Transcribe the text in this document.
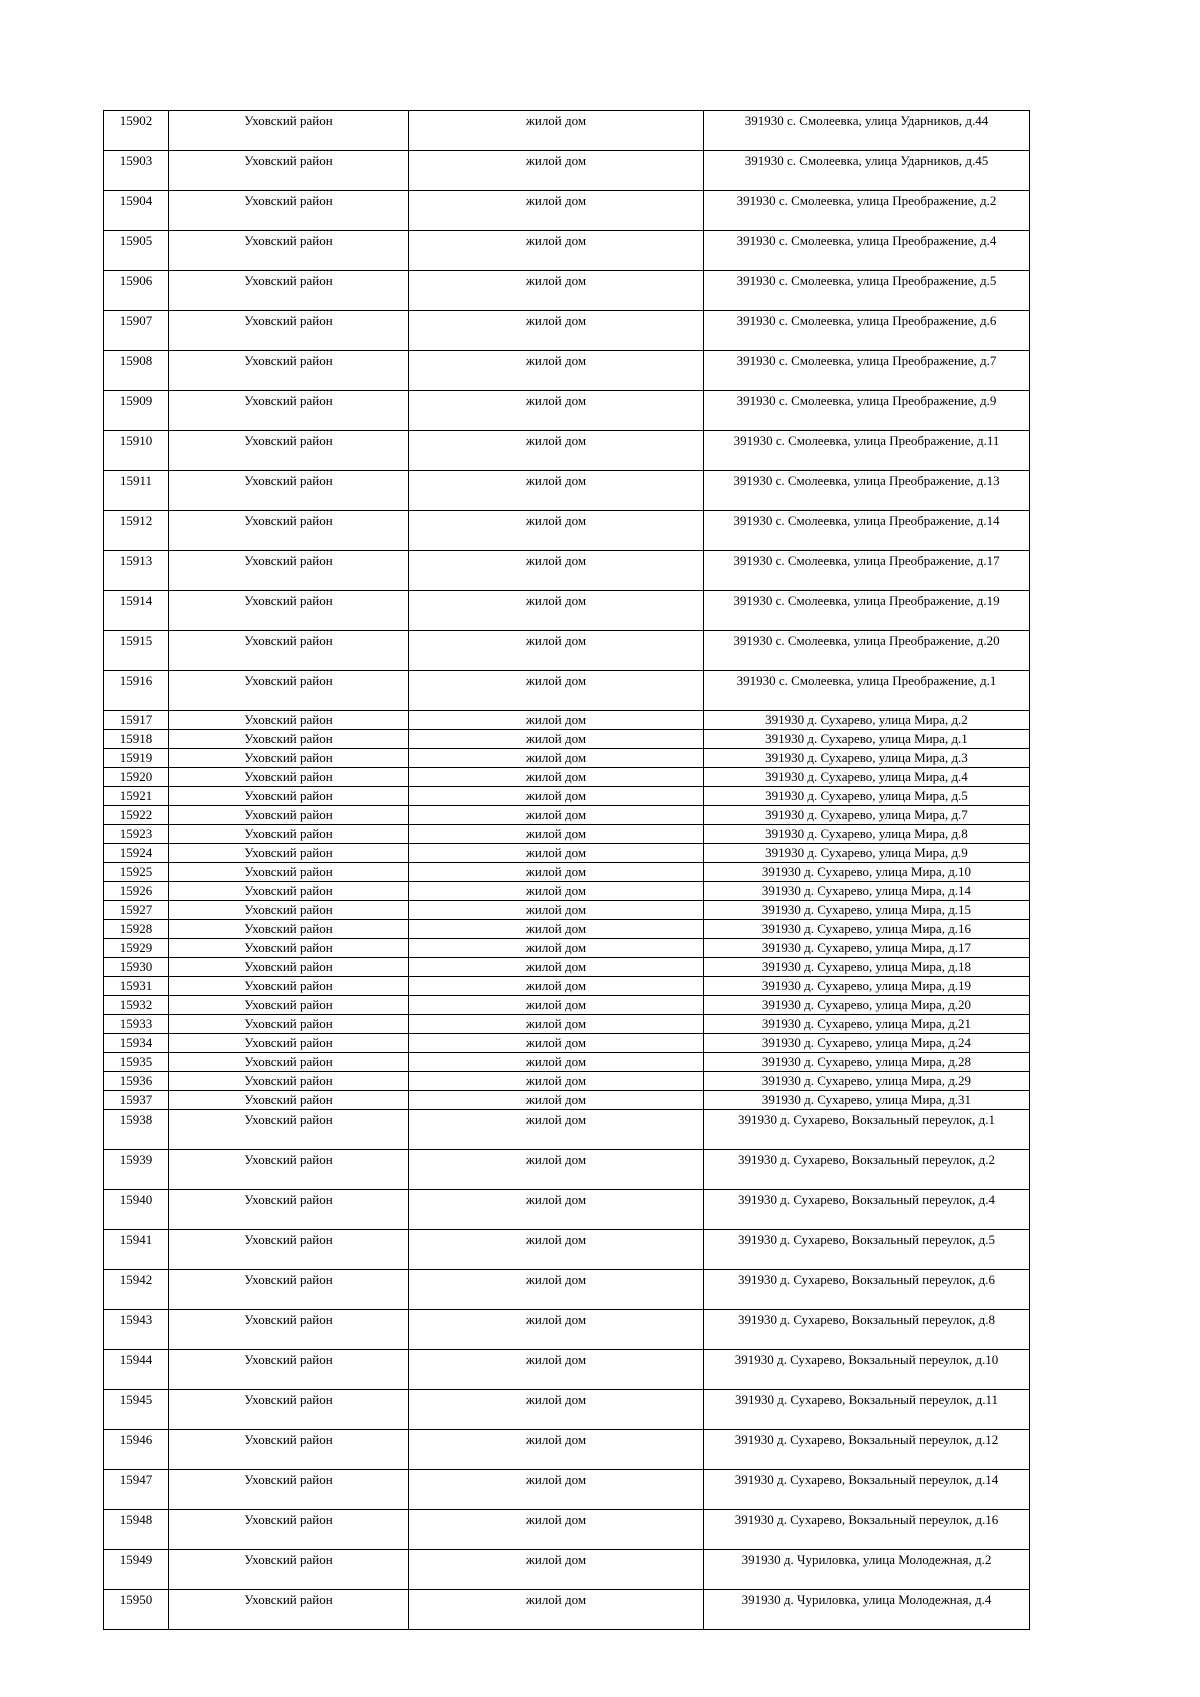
15902	Уховский район	жилой дом	391930 с. Смолеевка, улица Ударников, д.44
15903	Уховский район	жилой дом	391930 с. Смолеевка, улица Ударников, д.45
15904	Уховский район	жилой дом	391930 с. Смолеевка, улица Преображение, д.2
15905	Уховский район	жилой дом	391930 с. Смолеевка, улица Преображение, д.4
15906	Уховский район	жилой дом	391930 с. Смолеевка, улица Преображение, д.5
15907	Уховский район	жилой дом	391930 с. Смолеевка, улица Преображение, д.6
15908	Уховский район	жилой дом	391930 с. Смолеевка, улица Преображение, д.7
15909	Уховский район	жилой дом	391930 с. Смолеевка, улица Преображение, д.9
15910	Уховский район	жилой дом	391930 с. Смолеевка, улица Преображение, д.11
15911	Уховский район	жилой дом	391930 с. Смолеевка, улица Преображение, д.13
15912	Уховский район	жилой дом	391930 с. Смолеевка, улица Преображение, д.14
15913	Уховский район	жилой дом	391930 с. Смолеевка, улица Преображение, д.17
15914	Уховский район	жилой дом	391930 с. Смолеевка, улица Преображение, д.19
15915	Уховский район	жилой дом	391930 с. Смолеевка, улица Преображение, д.20
15916	Уховский район	жилой дом	391930 с. Смолеевка, улица Преображение, д.1
15917	Уховский район	жилой дом	391930 д. Сухарево, улица Мира, д.2
15918	Уховский район	жилой дом	391930 д. Сухарево, улица Мира, д.1
15919	Уховский район	жилой дом	391930 д. Сухарево, улица Мира, д.3
15920	Уховский район	жилой дом	391930 д. Сухарево, улица Мира, д.4
15921	Уховский район	жилой дом	391930 д. Сухарево, улица Мира, д.5
15922	Уховский район	жилой дом	391930 д. Сухарево, улица Мира, д.7
15923	Уховский район	жилой дом	391930 д. Сухарево, улица Мира, д.8
15924	Уховский район	жилой дом	391930 д. Сухарево, улица Мира, д.9
15925	Уховский район	жилой дом	391930 д. Сухарево, улица Мира, д.10
15926	Уховский район	жилой дом	391930 д. Сухарево, улица Мира, д.14
15927	Уховский район	жилой дом	391930 д. Сухарево, улица Мира, д.15
15928	Уховский район	жилой дом	391930 д. Сухарево, улица Мира, д.16
15929	Уховский район	жилой дом	391930 д. Сухарево, улица Мира, д.17
15930	Уховский район	жилой дом	391930 д. Сухарево, улица Мира, д.18
15931	Уховский район	жилой дом	391930 д. Сухарево, улица Мира, д.19
15932	Уховский район	жилой дом	391930 д. Сухарево, улица Мира, д.20
15933	Уховский район	жилой дом	391930 д. Сухарево, улица Мира, д.21
15934	Уховский район	жилой дом	391930 д. Сухарево, улица Мира, д.24
15935	Уховский район	жилой дом	391930 д. Сухарево, улица Мира, д.28
15936	Уховский район	жилой дом	391930 д. Сухарево, улица Мира, д.29
15937	Уховский район	жилой дом	391930 д. Сухарево, улица Мира, д.31
15938	Уховский район	жилой дом	391930 д. Сухарево, Вокзальный переулок, д.1
15939	Уховский район	жилой дом	391930 д. Сухарево, Вокзальный переулок, д.2
15940	Уховский район	жилой дом	391930 д. Сухарево, Вокзальный переулок, д.4
15941	Уховский район	жилой дом	391930 д. Сухарево, Вокзальный переулок, д.5
15942	Уховский район	жилой дом	391930 д. Сухарево, Вокзальный переулок, д.6
15943	Уховский район	жилой дом	391930 д. Сухарево, Вокзальный переулок, д.8
15944	Уховский район	жилой дом	391930 д. Сухарево, Вокзальный переулок, д.10
15945	Уховский район	жилой дом	391930 д. Сухарево, Вокзальный переулок, д.11
15946	Уховский район	жилой дом	391930 д. Сухарево, Вокзальный переулок, д.12
15947	Уховский район	жилой дом	391930 д. Сухарево, Вокзальный переулок, д.14
15948	Уховский район	жилой дом	391930 д. Сухарево, Вокзальный переулок, д.16
15949	Уховский район	жилой дом	391930 д. Чуриловка, улица Молодежная, д.2
15950	Уховский район	жилой дом	391930 д. Чуриловка, улица Молодежная, д.4
